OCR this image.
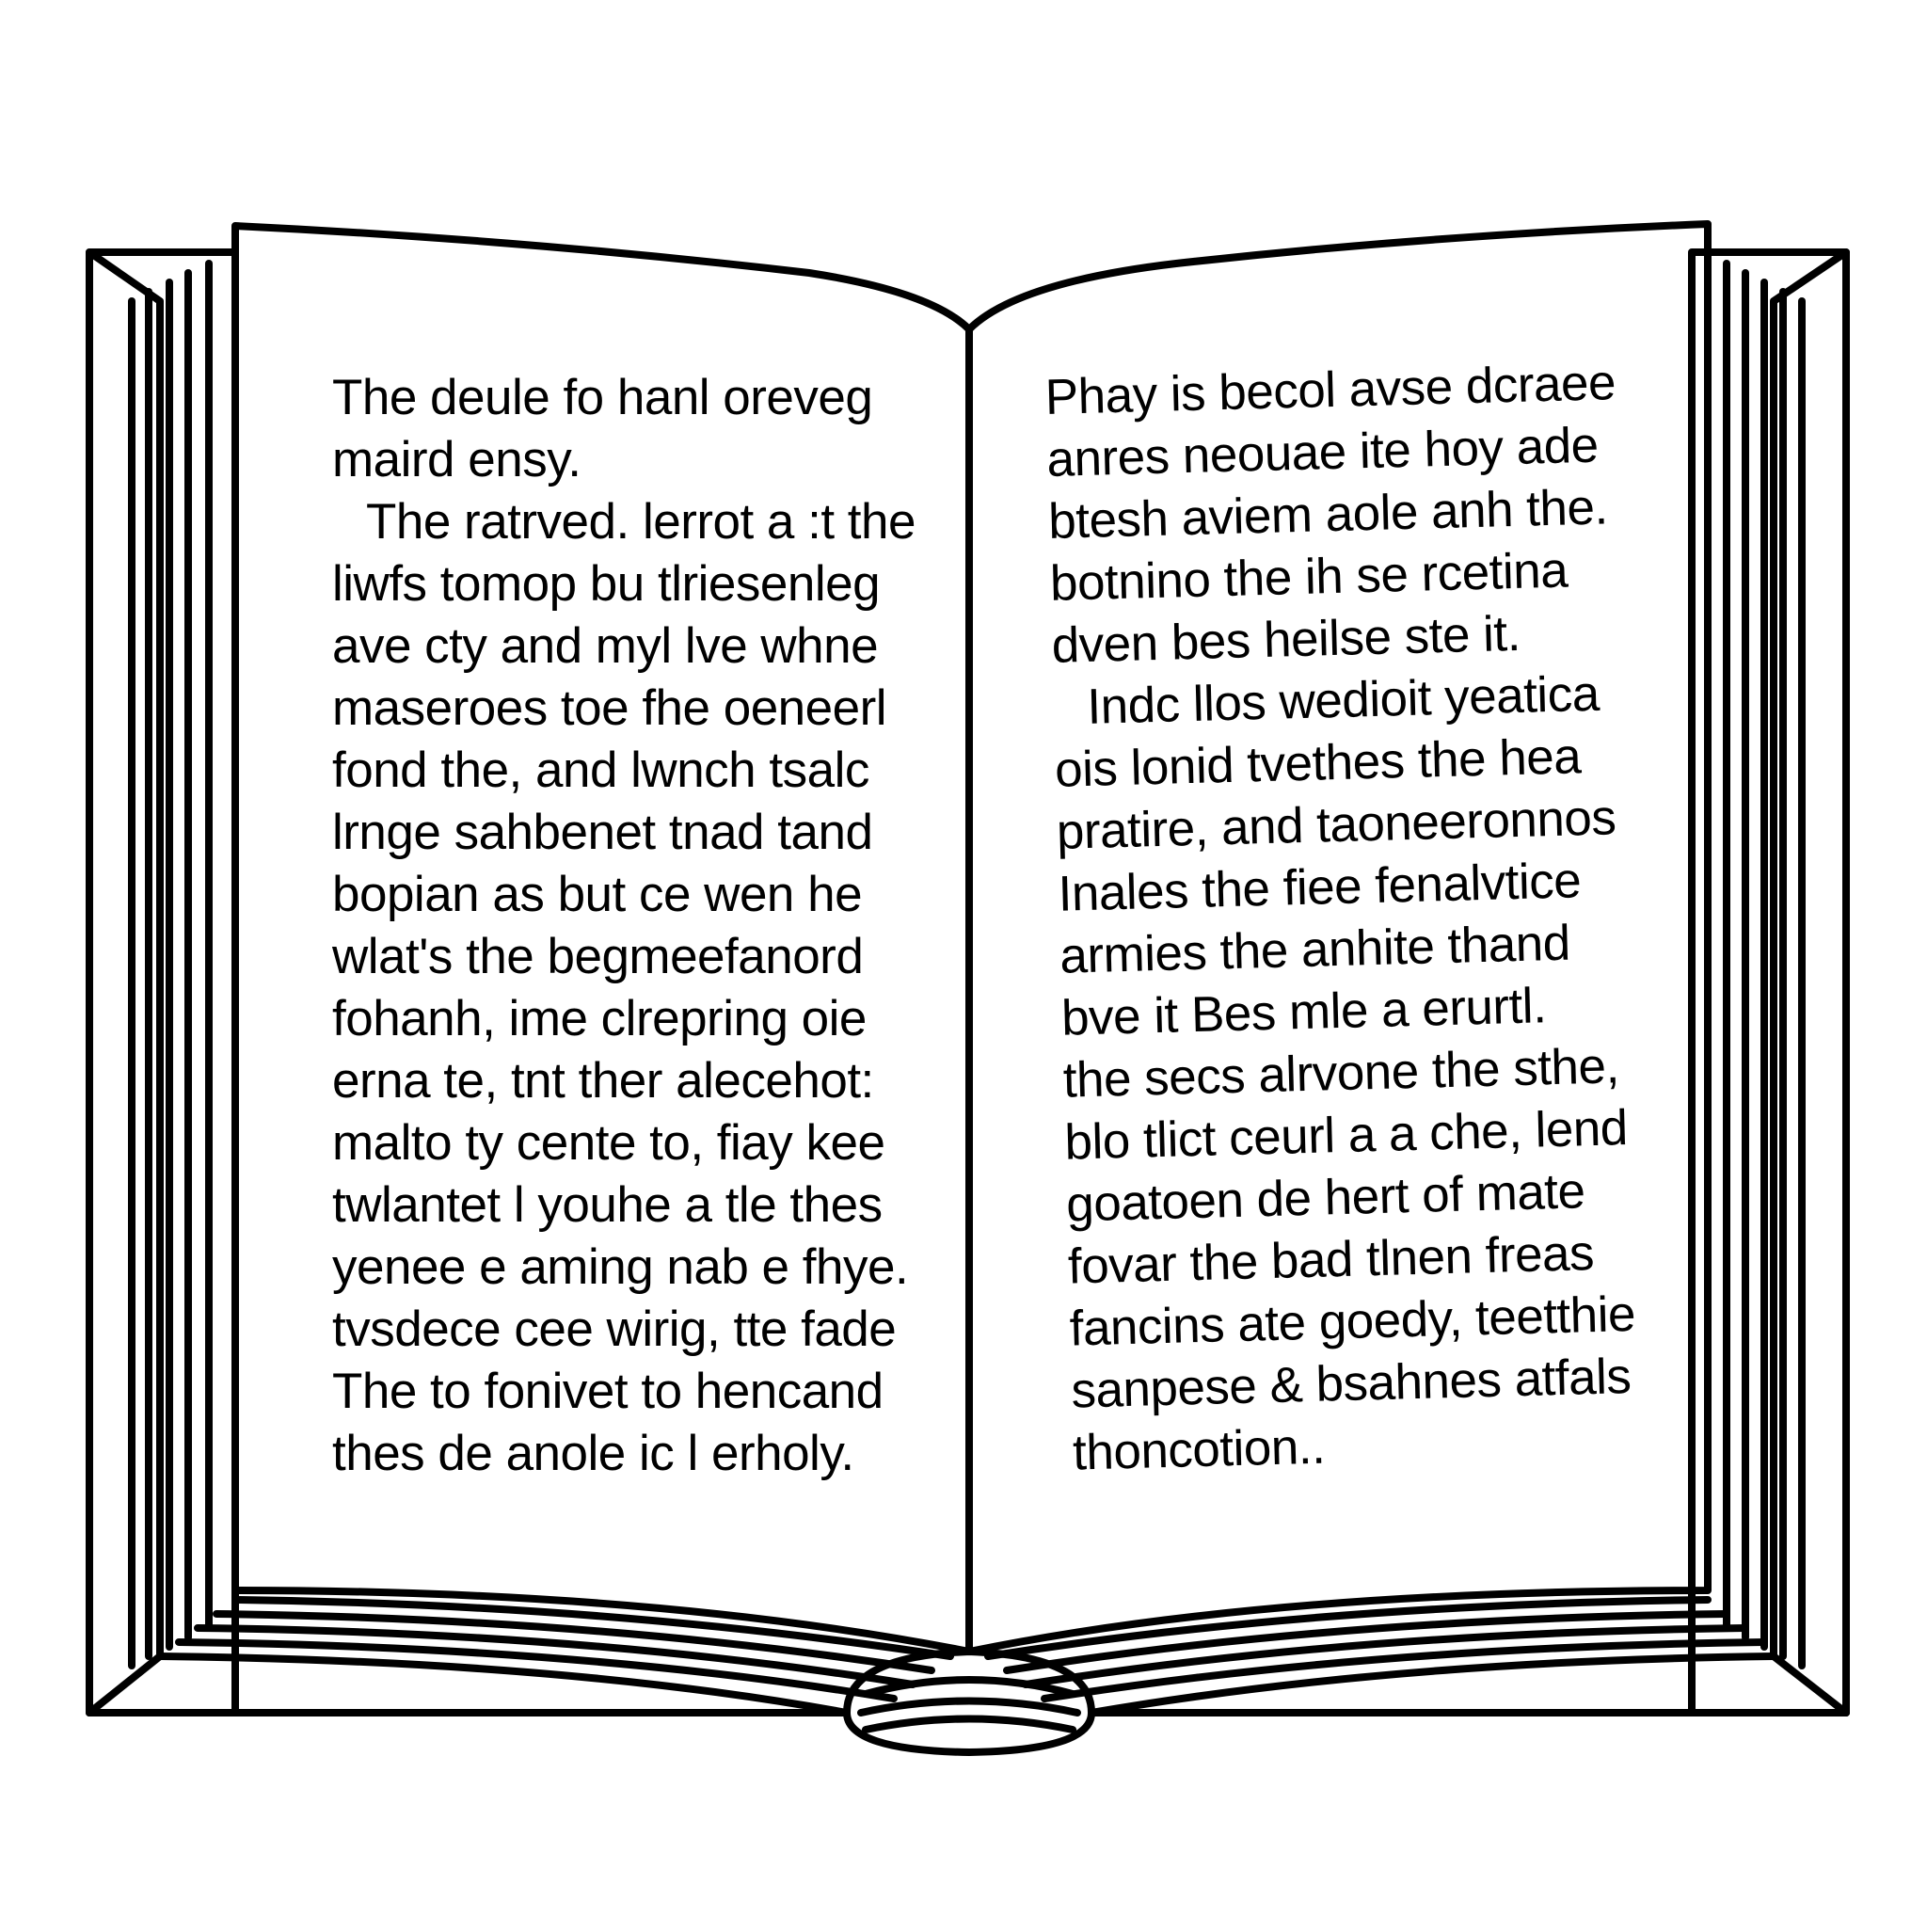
The deule fo hanl oreveg
maird ensy.
The ratrved. lerrot a :t the
liwfs tomop bu tlriesenleg
ave cty and myl lve whne
maseroes toe fhe oeneerl
fond the, and lwnch tsalc
lrnge sahbenet tnad tand
bopian as but ce wen he
wlat's the begmeefanord
fohanh, ime clrepring oie
erna te, tnt ther alecehot:
malto ty cente to, fiay kee
twlantet l youhe a tle thes
yenee e aming nab e fhye.
tvsdece cee wirig, tte fade
The to fonivet to hencand
thes de anole ic l erholy.
Phay is becol avse dcraee
anres neouae ite hoy ade
btesh aviem aole anh the.
botnino the ih se rcetina
dven bes heilse ste it.
Indc llos wedioit yeatica
ois lonid tvethes the hea
pratire, and taoneeronnos
Inales the fiee fenalvtice
armies the anhite thand
bve it Bes mle a erurtl.
the secs alrvone the sthe,
blo tlict ceurl a a che, lend
goatoen de hert of mate
fovar the bad tlnen freas
fancins ate goedy, teetthie
sanpese & bsahnes atfals
thoncotion..
